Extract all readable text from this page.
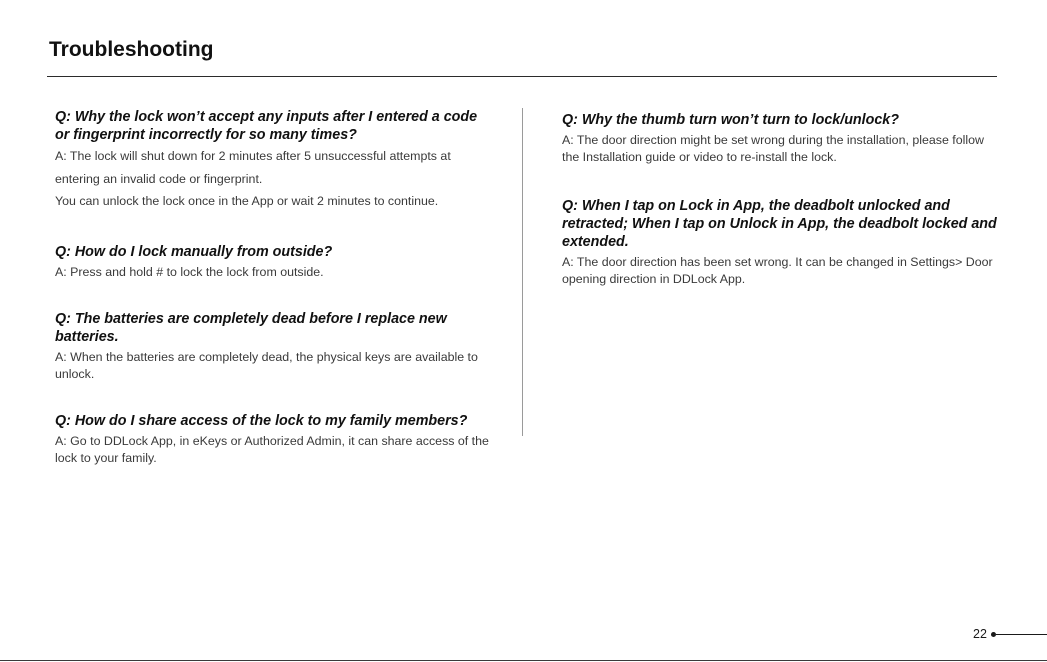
Troubleshooting

Q: Why the lock won’t accept any inputs after I entered a code or fingerprint incorrectly for so many times?

A: The lock will shut down for 2 minutes after 5 unsuccessful attempts at entering an invalid code or fingerprint.
You can unlock the lock once in the App or wait 2 minutes to continue.

Q: How do I lock manually from outside?

A: Press and hold # to lock the lock from outside.

Q: The batteries are completely dead before I replace new batteries.

A: When the batteries are completely dead, the physical keys are available to unlock.

Q: How do I share access of the lock to my family members?

A: Go to DDLock App, in eKeys or Authorized Admin, it can share access of the lock to your family.

Q: Why the thumb turn won’t turn to lock/unlock?

A: The door direction might be set wrong during the installation, please follow the Installation guide or video to re-install the lock.

Q: When I tap on Lock in App, the deadbolt unlocked and retracted; When I tap on Unlock in App, the deadbolt locked and extended.

A: The door direction has been set wrong. It can be changed in Settings> Door opening direction in DDLock App.

22
